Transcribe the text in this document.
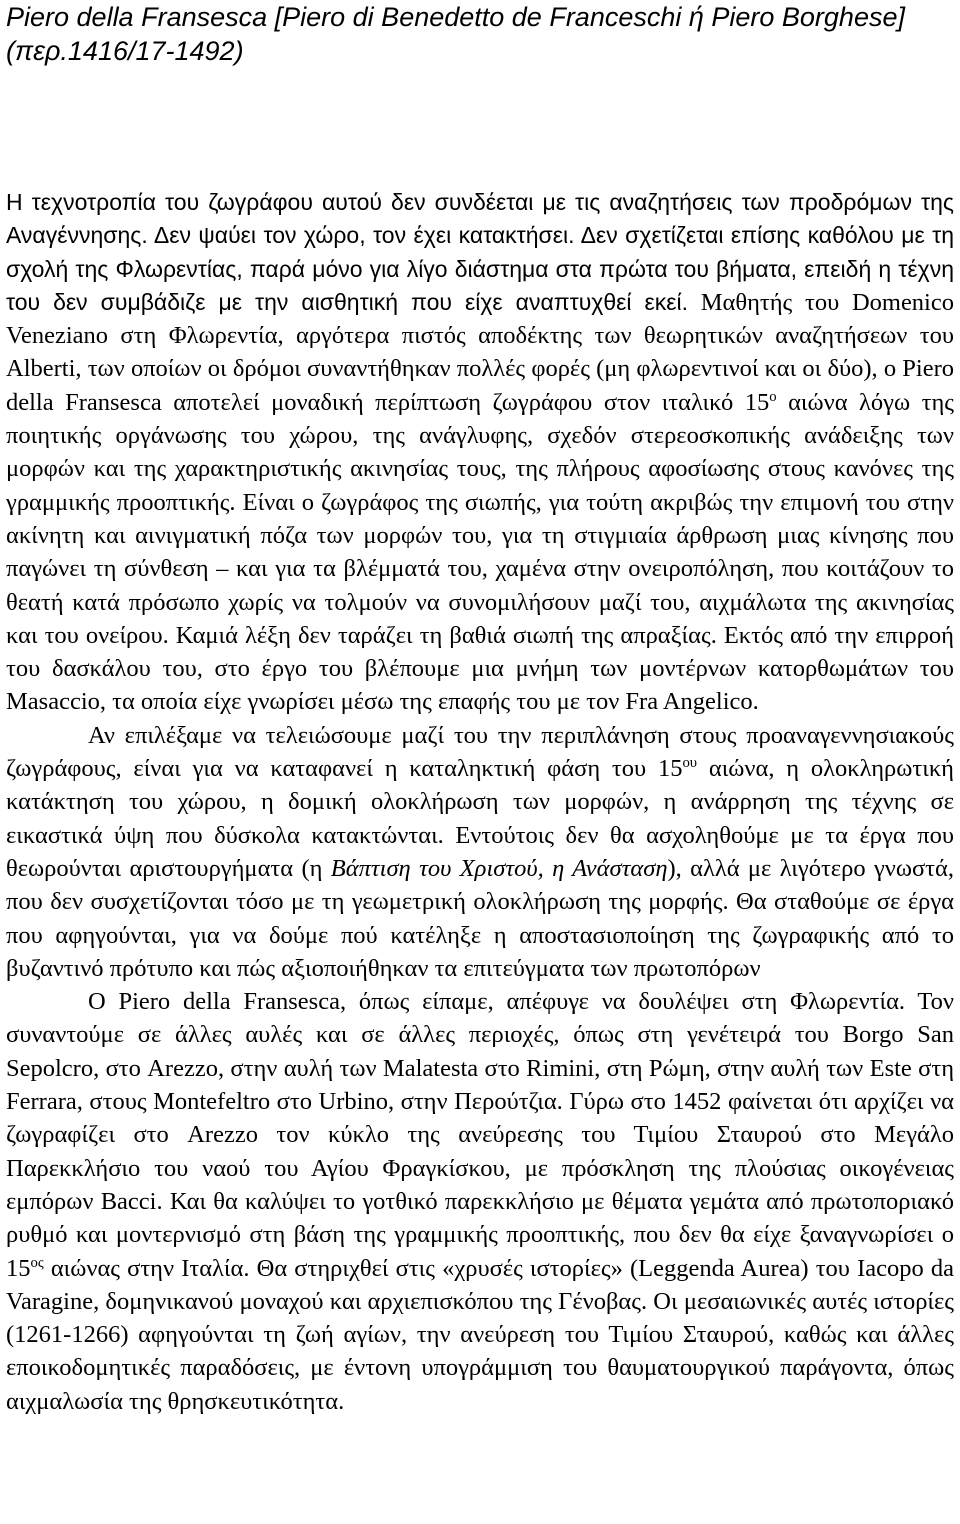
Piero della Fransesca [Piero di Benedetto de Franceschi ή Piero Borghese] (περ.1416/17-1492)

Η τεχνοτροπία του ζωγράφου αυτού δεν συνδέεται με τις αναζητήσεις των προδρόμων της Αναγέννησης. Δεν ψαύει τον χώρο, τον έχει κατακτήσει. Δεν σχετίζεται επίσης καθόλου με τη σχολή της Φλωρεντίας, παρά μόνο για λίγο διάστημα στα πρώτα του βήματα, επειδή η τέχνη του δεν συμβάδιζε με την αισθητική που είχε αναπτυχθεί εκεί. Μαθητής του Domenico Veneziano στη Φλωρεντία, αργότερα πιστός αποδέκτης των θεωρητικών αναζητήσεων του Alberti, των οποίων οι δρόμοι συναντήθηκαν πολλές φορές (μη φλωρεντινοί και οι δύο), ο Piero della Fransesca αποτελεί μοναδική περίπτωση ζωγράφου στον ιταλικό $15^o$ αιώνα λόγω της ποιητικής οργάνωσης του χώρου, της ανάγλυφης, σχεδόν στερεοσκοπικής ανάδειξης των μορφών και της χαρακτηριστικής ακινησίας τους, της πλήρους αφοσίωσης στους κανόνες της γραμμικής προοπτικής. Είναι ο ζωγράφος της σιωπής, για τούτη ακριβώς την επιμονή του στην ακίνητη και αινιγματική πόζα των μορφών του, για τη στιγμιαία άρθρωση μιας κίνησης που παγώνει τη σύνθεση – και για τα βλέμματά του, χαμένα στην ονειροπόληση, που κοιτάζουν το θεατή κατά πρόσωπο χωρίς να τολμούν να συνομιλήσουν μαζί του, αιχμάλωτα της ακινησίας και του ονείρου. Καμιά λέξη δεν ταράζει τη βαθιά σιωπή της απραξίας. Εκτός από την επιρροή του δασκάλου του, στο έργο του βλέπουμε μια μνήμη των μοντέρνων κατορθωμάτων του Masaccio, τα οποία είχε γνωρίσει μέσω της επαφής του με τον Fra Angelico.

Αν επιλέξαμε να τελειώσουμε μαζί του την περιπλάνηση στους προαναγεννησιακούς ζωγράφους, είναι για να καταφανεί η καταληκτική φάση του $15^{o\upsilon}$ αιώνα, η ολοκληρωτική κατάκτηση του χώρου, η δομική ολοκλήρωση των μορφών, η ανάρρηση της τέχνης σε εικαστικά ύψη που δύσκολα κατακτώνται. Εντούτοις δεν θα ασχοληθούμε με τα έργα που θεωρούνται αριστουργήματα (η Βάπτιση του Χριστού, η Ανάσταση), αλλά με λιγότερο γνωστά, που δεν συσχετίζονται τόσο με τη γεωμετρική ολοκλήρωση της μορφής. Θα σταθούμε σε έργα που αφηγούνται, για να δούμε πού κατέληξε η αποστασιοποίηση της ζωγραφικής από το βυζαντινό πρότυπο και πώς αξιοποιήθηκαν τα επιτεύγματα των πρωτοπόρων

Ο Piero della Fransesca, όπως είπαμε, απέφυγε να δουλέψει στη Φλωρεντία. Τον συναντούμε σε άλλες αυλές και σε άλλες περιοχές, όπως στη γενέτειρά του Borgo San Sepolcro, στο Arezzo, στην αυλή των Malatesta στο Rimini, στη Ρώμη, στην αυλή των Este στη Ferrara, στους Montefeltro στο Urbino, στην Περούτζια. Γύρω στο 1452 φαίνεται ότι αρχίζει να ζωγραφίζει στο Arezzo τον κύκλο της ανεύρεσης του Τιμίου Σταυρού στο Μεγάλο Παρεκκλήσιο του ναού του Αγίου Φραγκίσκου, με πρόσκληση της πλούσιας οικογένειας εμπόρων Bacci. Και θα καλύψει το γοτθικό παρεκκλήσιο με θέματα γεμάτα από πρωτοποριακό ρυθμό και μοντερνισμό στη βάση της γραμμικής προοπτικής, που δεν θα είχε ξαναγνωρίσει ο $15^{o\varsigma}$ αιώνας στην Ιταλία. Θα στηριχθεί στις «χρυσές ιστορίες» (Leggenda Aurea) του Iacopo da Varagine, δομηνικανού μοναχού και αρχιεπισκόπου της Γένοβας. Οι μεσαιωνικές αυτές ιστορίες (1261-1266) αφηγούνται τη ζωή αγίων, την ανεύρεση του Τιμίου Σταυρού, καθώς και άλλες εποικοδομητικές παραδόσεις, με έντονη υπογράμμιση του θαυματουργικού παράγοντα, όπως αιχμαλωσία της θρησκευτικότητα.
